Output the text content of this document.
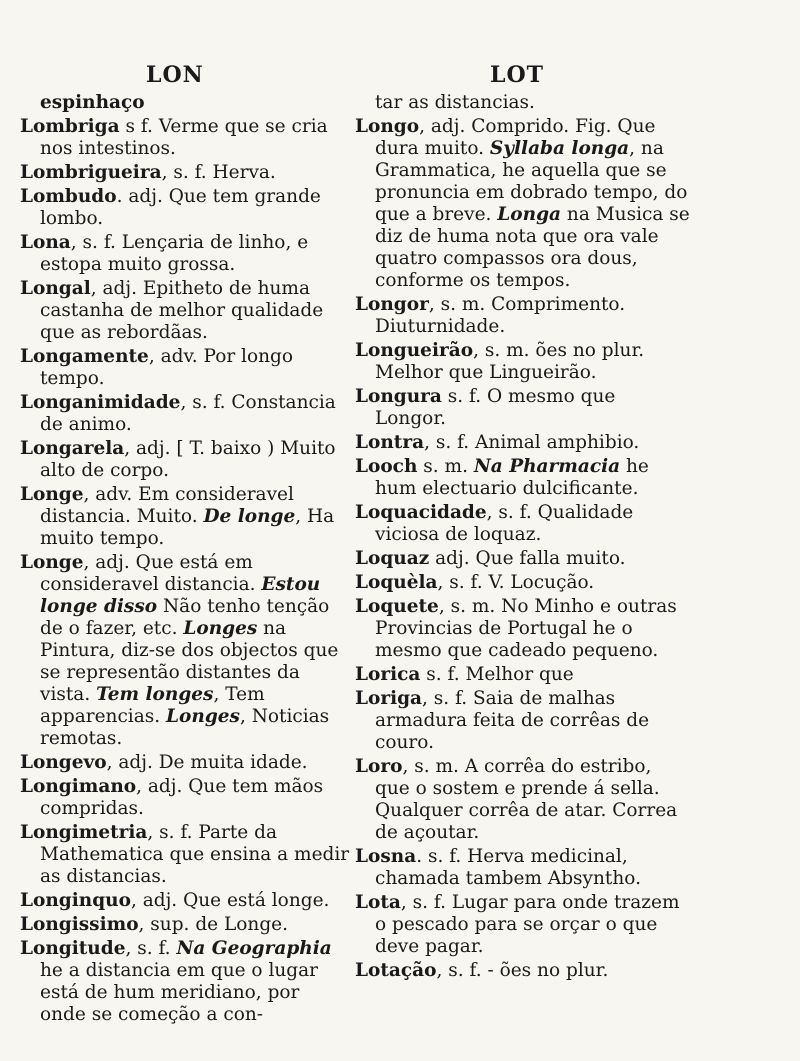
LON	LOT
espinhaço
Lombriga s f. Verme que se cria nos intestinos.
Lombrigueira, s. f. Herva.
Lombudo. adj. Que tem grande lombo.
Lona, s. f. Lençaria de linho, e estopa muito grossa.
Longal, adj. Epitheto de huma castanha de melhor qualidade que as rebordãas.
Longamente, adv. Por longo tempo.
Longanimidade, s. f. Constancia de animo.
Longarela, adj. [ T. baixo ) Muito alto de corpo.
Longe, adv. Em consideravel distancia. Muito. De longe, Ha muito tempo.
Longe, adj. Que está em consideravel distancia. Estou longe disso Não tenho tenção de o fazer, etc. Longes na Pintura, diz-se dos objectos que se representão distantes da vista. Tem longes, Tem apparencias. Longes, Noticias remotas.
Longevo, adj. De muita idade.
Longimano, adj. Que tem mãos compridas.
Longimetria, s. f. Parte da Mathematica que ensina a medir as distancias.
Longinquo, adj. Que está longe.
Longissimo, sup. de Longe.
Longitude, s. f. Na Geographia he a distancia em que o lugar está de hum meridiano, por onde se começão a con-
tar as distancias.
Longo, adj. Comprido. Fig. Que dura muito. Syllaba longa, na Grammatica, he aquella que se pronuncia em dobrado tempo, do que a breve. Longa na Musica se diz de huma nota que ora vale quatro compassos ora dous, conforme os tempos.
Longor, s. m. Comprimento. Diuturnidade.
Longueirão, s. m. ões no plur. Melhor que Lingueirão.
Longura s. f. O mesmo que Longor.
Lontra, s. f. Animal amphibio.
Looch s. m. Na Pharmacia he hum electuario dulcificante.
Loquacidade, s. f. Qualidade viciosa de loquaz.
Loquaz adj. Que falla muito.
Loquèla, s. f. V. Locução.
Loquete, s. m. No Minho e outras Provincias de Portugal he o mesmo que cadeado pequeno.
Lorica s. f. Melhor que
Loriga, s. f. Saia de malhas armadura feita de corrêas de couro.
Loro, s. m. A corrêa do estribo, que o sostem e prende á sella. Qualquer corrêa de atar. Correa de açoutar.
Losna. s. f. Herva medicinal, chamada tambem Absyntho.
Lota, s. f. Lugar para onde trazem o pescado para se orçar o que deve pagar.
Lotação, s. f. - ões no plur.
